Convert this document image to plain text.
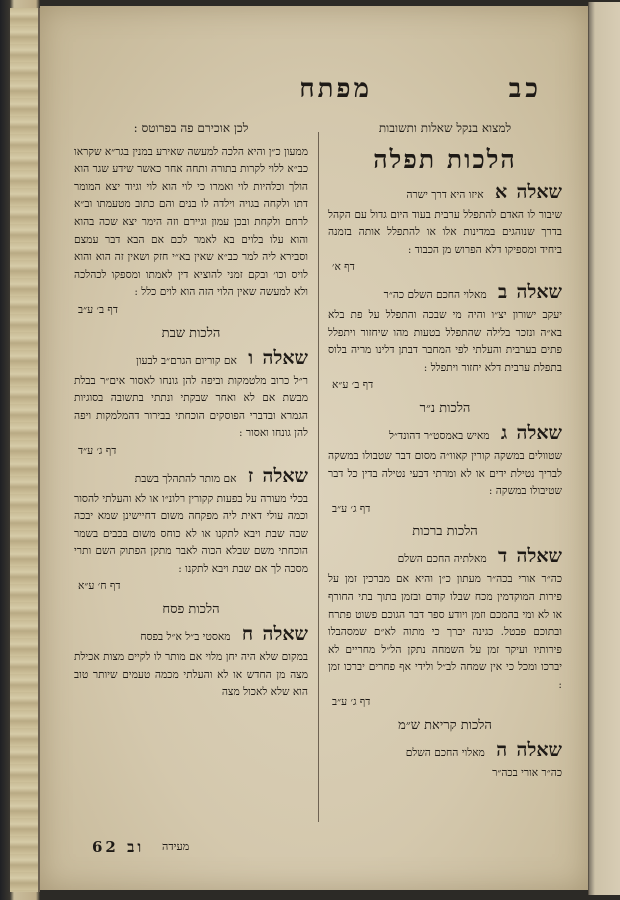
כב
מפתח
למצוא בנקל שאלות ותשובות
הלכות תפלה
שאלה א איזו היא דרך ישרה
שיבור לו האדם להתפלל ערבית בעוד היום גדול עם הקהל בדרך שנוהגים במדינות אלו או להתפלל אותה בזמנה ביחיד ומספיקו דלא הפרוש מן הכבוד :
דף א׳
שאלה ב מאלוי החכם השלם כה״ר
יעקב ישורון יצ״ו והיה מי שבכה והתפלל על פת בלא בא״ה ונזכר בלילה שהתפלל בטעות מהו שיחזור ויתפלל פתים בערבית והעלתי לפי המחבר דבתן דלינו מריה בלוס בתפלת ערבית דלא יחזור ויתפלל :
דף ב׳ ע״א
הלכות נ״ר
שאלה ג מאיש באמסט״ר דהונד״ל
שטוולים במשקה קורין קאוו״ה מסום דבר שטבולו במשקה לבריך נטילת ידים או לא ומרתי דבעי נטילה בדין כל דבר שטיבולו במשקה :
דף ג׳ ע״ב
הלכות ברכות
שאלה ד מאלתיה החכם השלם
כה״ר אורי בכה״ר מעתון כ״ן והיא אם מברכין זמן על פירות המוקדמין מכח שבלו קודם ובזמן בתוך בתי החורף או לא ומי בהמכם וזמן ויודע ספר דבר הגוכם פשוט פתרח ובתוכם פבטל. כגינה יברך כי מתוה לא״ם שמסהבלו פירותיו ועיקר זמן על השמחה נתקן הל״ל מחריים לא יברכו ומכל כי אין שמחה לב״ל ולידי אף פחרים יברכו זמן :
דף ג׳ ע״ב
הלכות קריאת ש״מ
שאלה ה מאלוי החכם השלם
כה״ר אורי בכה״ר
לכן אוכירם פה בפרוטס :
ממעון כ״ן והיא הלכה למעשה שאירע במנין בגר״א שקראו כב״א ללוי לקרות בתורה ותחה אחר כאשר שידע שגר הוא הולך וכלהיות לוי ואמרו כי לוי הוא לוי וגיוד יצא המומר דתו ולקחה בגויה וילדה לו בנים והם כתוב מטעמתו וב״א לרחם ולקחת ובכן עמון וגיירם וזה הימר יצא שכה בהוא והוא עלו בלוים בא לאמר לכם אם הבא דבר עמצם וסבירא ליה למר כב״א שאין בא״י חזק ושאין זה הוא והוא לויס וכו׳ ובקם זמני להוציא דין לאמתו ומספקו לכהלכה ולא למעשה שאין הלוי הזה הוא לוים כלל :
דף ב׳ ע״ב
הלכות שבת
שאלה ו אם קוריום הגרם״ב לבעון
ר״ל כרוב מלטמקות וביפה להן גונחו לאסור אים״ר בבלת מבשת אם לא ואחר שבקתי ונתתי בתשובה בסוגיות הגמרא ובדברי הפוסקים הוכחתי בבירור דהמלמקות ויפה להן גונחו ואסור :
דף ג׳ ע״ד
שאלה ז אם מותר להתהלך בשבת
בכלי מעורה על בפעות קקורין רלונ״ו או לא והעלתי להסור וכמה עולי דאית ליה מפקחה משום דחיישינן שמא יבכה שבה שבת ויבא לתקנו או לא כוחס משום בכבים בשמר הוכחתי משם שבלא הכוה לאבר מתקן הפתוק השם ותרי מסכה לך אם שבת ויבא לתקנו :
דף ח׳ ע״א
הלכות פסח
שאלה ח מאסטי ב״ל א״ל בפסח
במקום שלא היה יחן מלוי אם מותר לו לקיים מצות אכילת מצה מן החדש או לא והעלתי מכמה טעמים שיותר טוב הוא שלא לאכול מצה
וב 62 מעידה
